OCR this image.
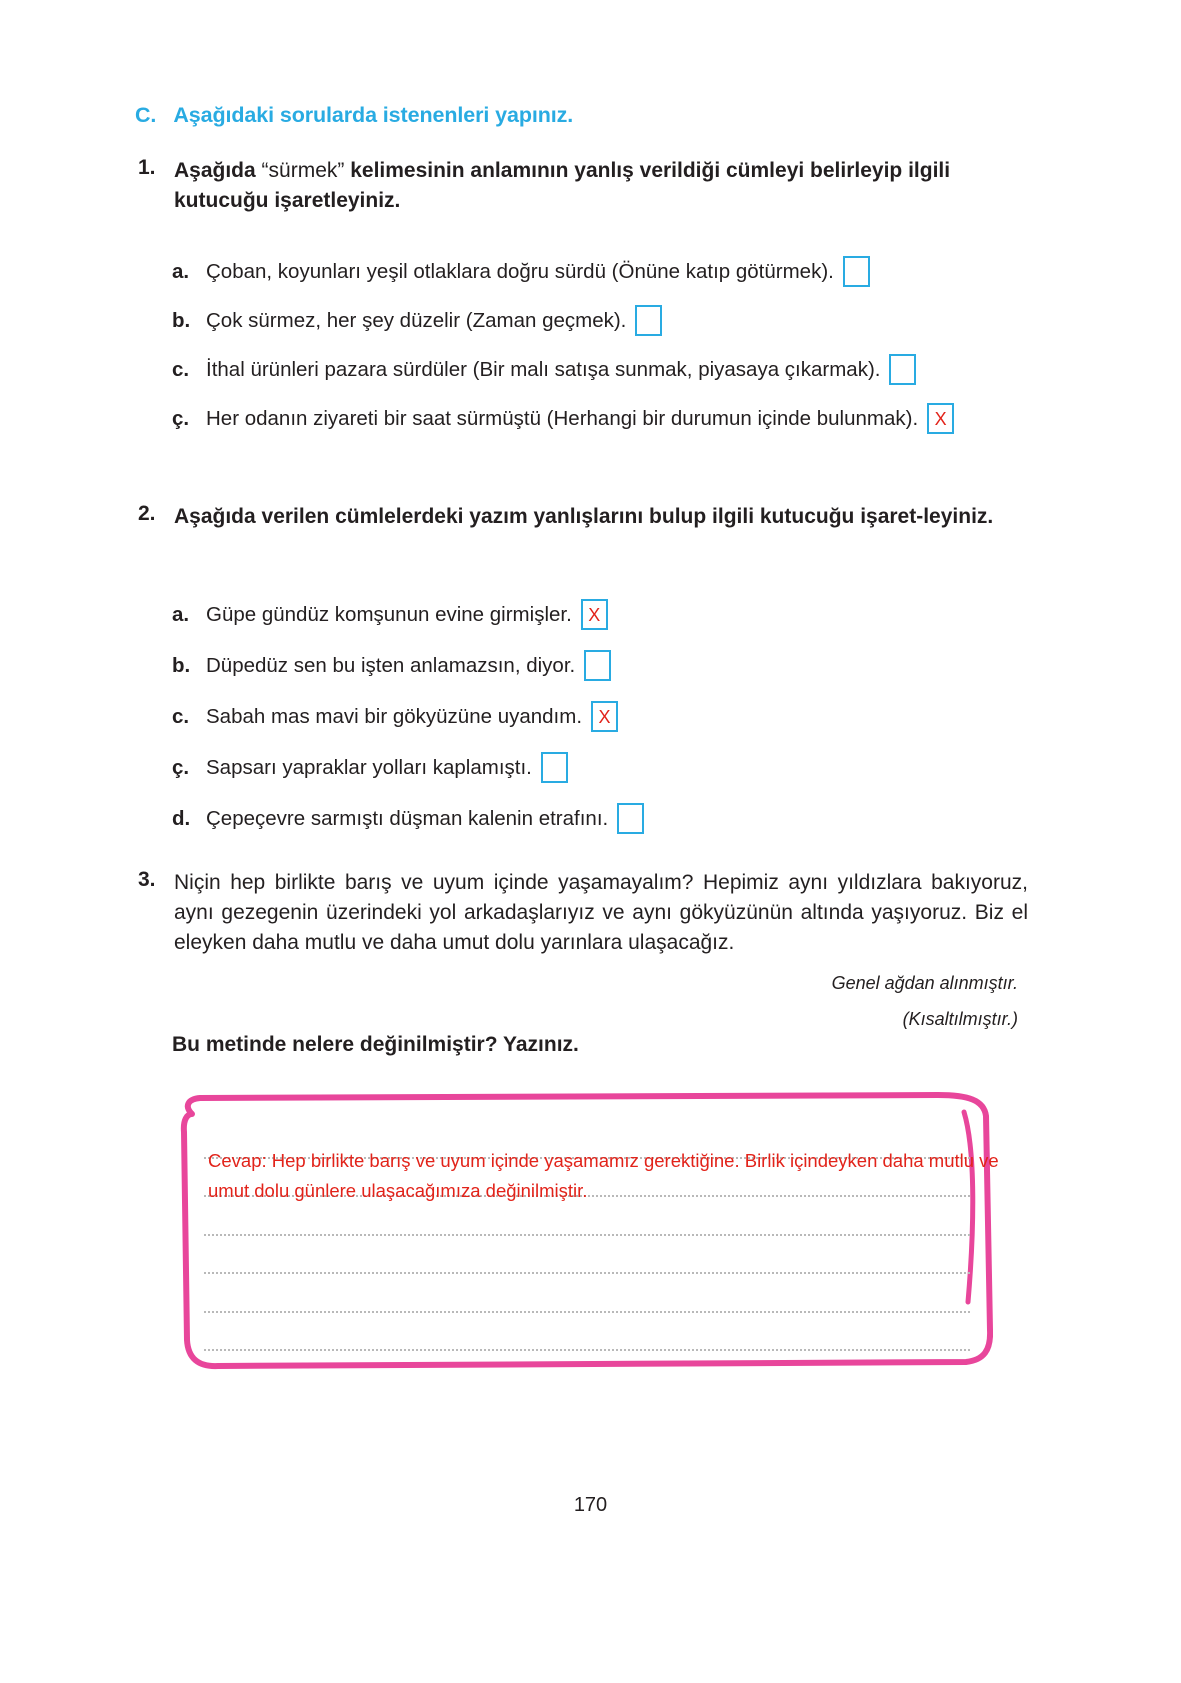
C. Aşağıdaki sorularda istenenleri yapınız.
1. Aşağıda “sürmek” kelimesinin anlamının yanlış verildiği cümleyi belirleyip ilgili kutucuğu işaretleyiniz.
a. Çoban, koyunları yeşil otlaklara doğru sürdü (Önüne katıp götürmek).
b. Çok sürmez, her şey düzelir (Zaman geçmek).
c. İthal ürünleri pazara sürdüler (Bir malı satışa sunmak, piyasaya çıkarmak).
ç. Her odanın ziyareti bir saat sürmüştü (Herhangi bir durumun içinde bulunmak). X
2. Aşağıda verilen cümlelerdeki yazım yanlışlarını bulup ilgili kutucuğu işaret-leyiniz.
a. Güpe gündüz komşunun evine girmişler. X
b. Düpedüz sen bu işten anlamazsın, diyor.
c. Sabah mas mavi bir gökyüzüne uyandım. X
ç. Sapsarı yapraklar yolları kaplamıştı.
d. Çepeçevre sarmıştı düşman kalenin etrafını.
3. Niçin hep birlikte barış ve uyum içinde yaşamayalım? Hepimiz aynı yıldızlara bakıyoruz, aynı gezegenin üzerindeki yol arkadaşlarıyız ve aynı gökyüzünün altında yaşıyoruz. Biz el eleyken daha mutlu ve daha umut dolu yarınlara ulaşacağız.
Genel ağdan alınmıştır.
(Kısaltılmıştır.)
Bu metinde nelere değinilmiştir? Yazınız.
Cevap: Hep birlikte barış ve uyum içinde yaşamamız gerektiğine. Birlik içindeyken daha mutlu ve umut dolu günlere ulaşacağımıza değinilmiştir.
170
